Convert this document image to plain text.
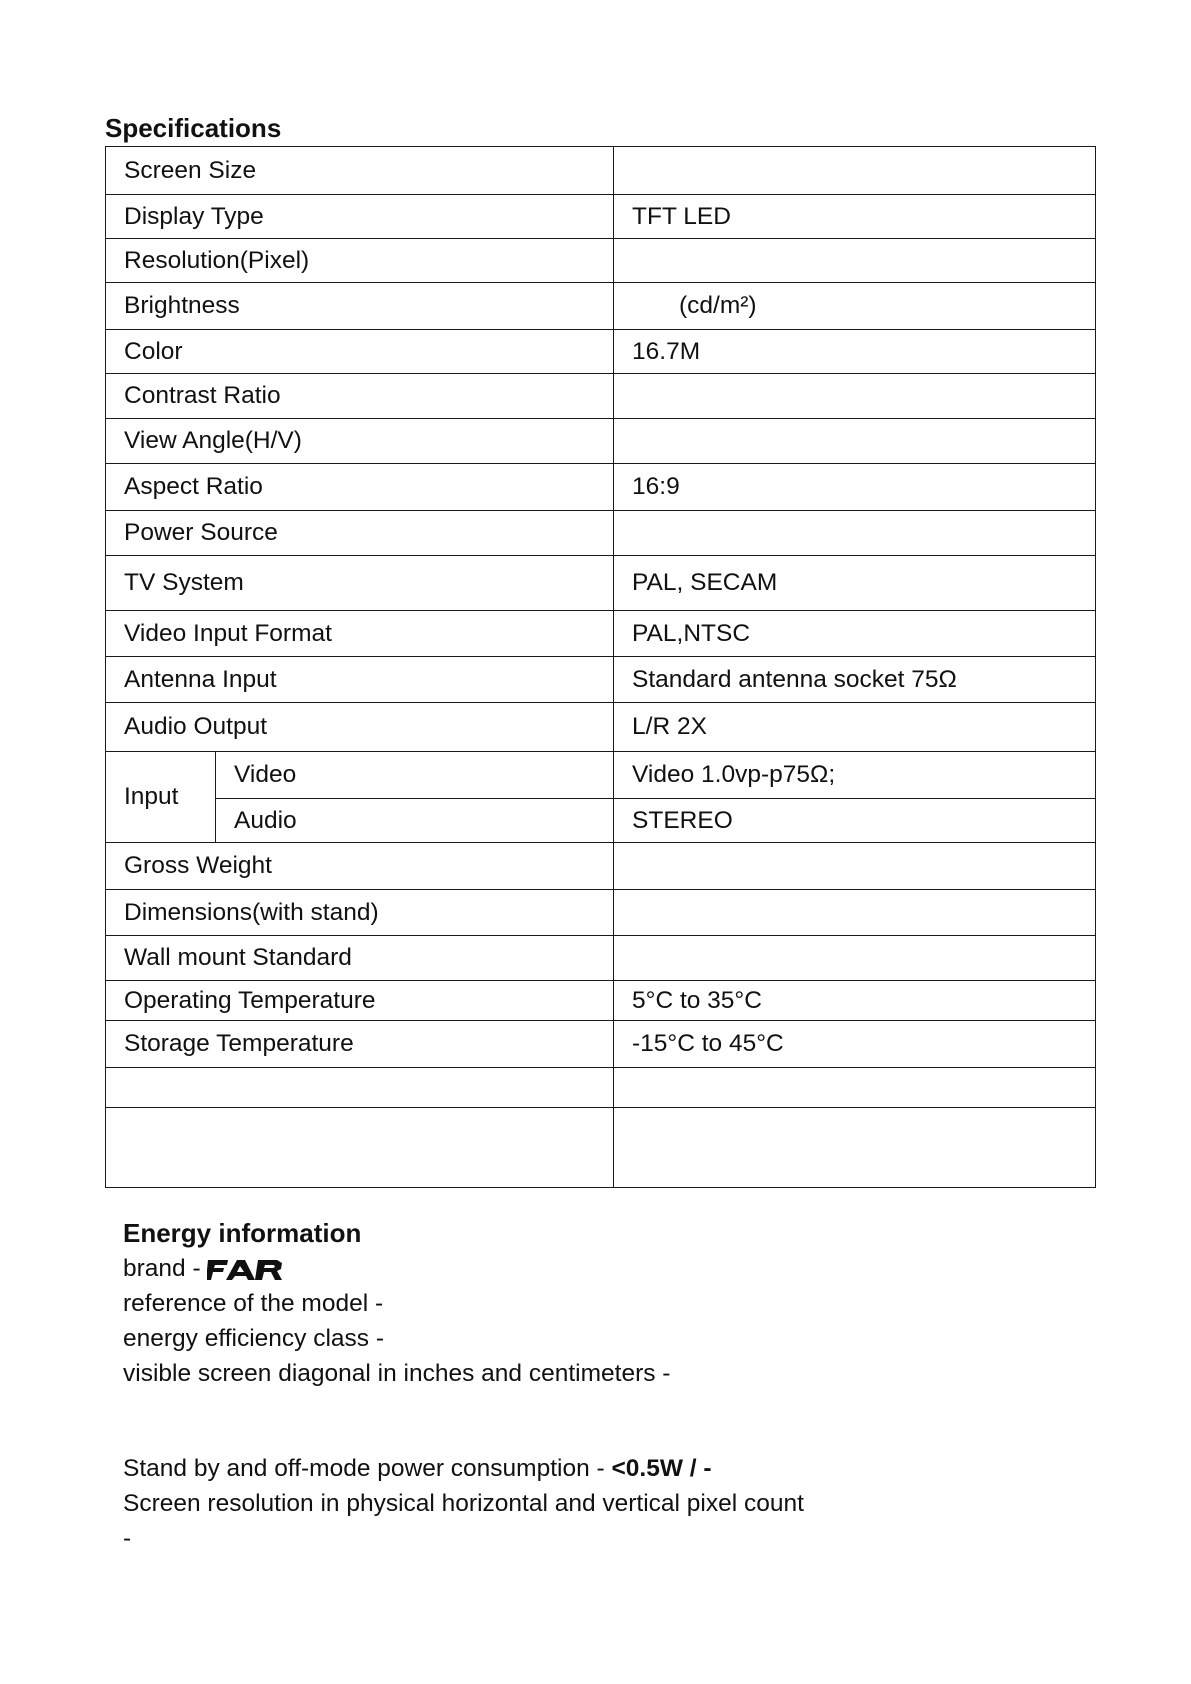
Specifications
Screen Size		
Display Type		TFT LED
Resolution(Pixel)		
Brightness		(cd/m²)
Color		16.7M
Contrast Ratio		
View Angle(H/V)		
Aspect Ratio		16:9
Power Source		
TV System		PAL, SECAM
Video Input Format		PAL,NTSC
Antenna Input		Standard antenna socket 75Ω
Audio Output		L/R 2X
Input	Video	Video 1.0vp-p75Ω;
	Audio	STEREO
Gross Weight		
Dimensions(with stand)		
Wall mount Standard		
Operating Temperature		5°C to 35°C
Storage Temperature		-15°C to 45°C

Energy information

brand -

reference of the model -

energy efficiency class -

visible screen diagonal in inches and centimeters -

Stand by and off-mode power consumption - <0.5W / -

Screen resolution in physical horizontal and vertical pixel count

-
